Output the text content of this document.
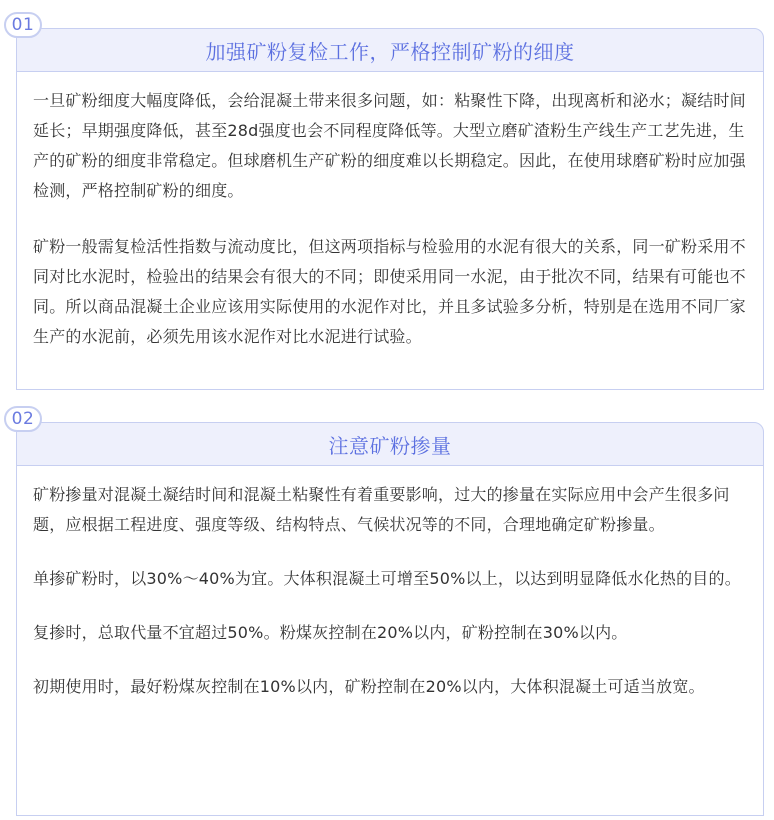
01
加强矿粉复检工作，严格控制矿粉的细度

一旦矿粉细度大幅度降低，会给混凝土带来很多问题，如：粘聚性下降，出现离析和泌水；凝结时间延长；早期强度降低，甚至28d强度也会不同程度降低等。大型立磨矿渣粉生产线生产工艺先进，生产的矿粉的细度非常稳定。但球磨机生产矿粉的细度难以长期稳定。因此，在使用球磨矿粉时应加强检测，严格控制矿粉的细度。

矿粉一般需复检活性指数与流动度比，但这两项指标与检验用的水泥有很大的关系，同一矿粉采用不同对比水泥时，检验出的结果会有很大的不同；即使采用同一水泥，由于批次不同，结果有可能也不同。所以商品混凝土企业应该用实际使用的水泥作对比，并且多试验多分析，特别是在选用不同厂家生产的水泥前，必须先用该水泥作对比水泥进行试验。

02
注意矿粉掺量

矿粉掺量对混凝土凝结时间和混凝土粘聚性有着重要影响，过大的掺量在实际应用中会产生很多问题，应根据工程进度、强度等级、结构特点、气候状况等的不同，合理地确定矿粉掺量。

单掺矿粉时，以30%～40%为宜。大体积混凝土可增至50%以上，以达到明显降低水化热的目的。

复掺时，总取代量不宜超过50%。粉煤灰控制在20%以内，矿粉控制在30%以内。

初期使用时，最好粉煤灰控制在10%以内，矿粉控制在20%以内，大体积混凝土可适当放宽。
